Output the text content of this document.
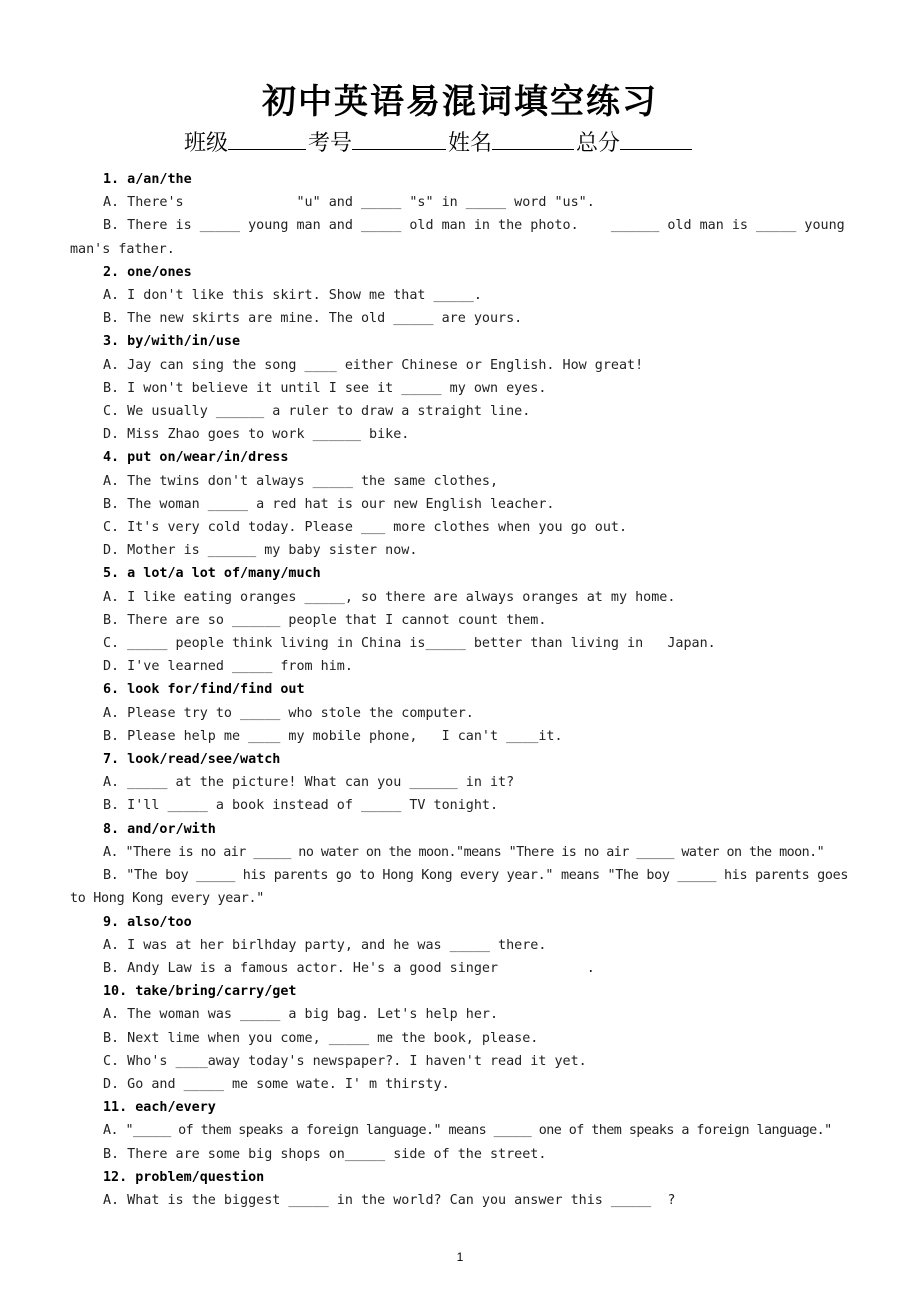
初中英语易混词填空练习
班级	考号	姓名	总分
1. a/an/the
A. There's              "u" and _____ "s" in _____ word "us".
B. There is _____ young man and _____ old man in the photo.    ______ old man is _____ young man's father.
2. one/ones
A. I don't like this skirt. Show me that _____.
B. The new skirts are mine. The old _____ are yours.
3. by/with/in/use
A. Jay can sing the song ____ either Chinese or English. How great!
B. I won't believe it until I see it _____ my own eyes.
C. We usually ______ a ruler to draw a straight line.
D. Miss Zhao goes to work ______ bike.
4. put on/wear/in/dress
A. The twins don't always _____ the same clothes,
B. The woman _____ a red hat is our new English leacher.
C. It's very cold today. Please ___ more clothes when you go out.
D. Mother is ______ my baby sister now.
5. a lot/a lot of/many/much
A. I like eating oranges _____, so there are always oranges at my home.
B. There are so ______ people that I cannot count them.
C. _____ people think living in China is_____ better than living in   Japan.
D. I've learned _____ from him.
6. look for/find/find out
A. Please try to _____ who stole the computer.
B. Please help me ____ my mobile phone,   I can't ____it.
7. look/read/see/watch
A. _____ at the picture! What can you ______ in it?
B. I'll _____ a book instead of _____ TV tonight.
8. and/or/with
A. "There is no air _____ no water on the moon."means "There is no air _____ water on the moon."
B. "The boy _____ his parents go to Hong Kong every year." means "The boy _____ his parents goes to Hong Kong every year."
9. also/too
A. I was at her birlhday party, and he was _____ there.
B. Andy Law is a famous actor. He's a good singer           .
10. take/bring/carry/get
A. The woman was _____ a big bag. Let's help her.
B. Next lime when you come, _____ me the book, please.
C. Who's ____away today's newspaper?. I haven't read it yet.
D. Go and _____ me some wate. I' m thirsty.
11. each/every
A. "_____ of them speaks a foreign language." means _____ one of them speaks a foreign language."
B. There are some big shops on_____ side of the street.
12. problem/question
A. What is the biggest _____ in the world? Can you answer this _____  ?
1
